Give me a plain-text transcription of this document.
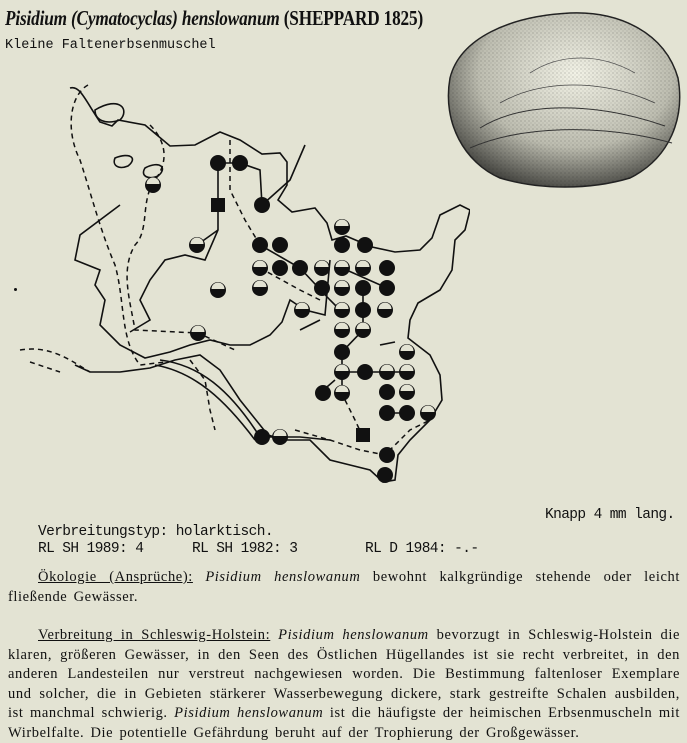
Pisidium (Cymatocyclas) henslowanum (SHEPPARD 1825)
Kleine Faltenerbsenmuschel
Knapp 4 mm lang.
Verbreitungstyp: holarktisch.
RL SH 1989: 4	RL SH 1982: 3	RL D 1984: -.-
Ökologie (Ansprüche): Pisidium henslowanum bewohnt kalkgründige stehende oder leicht fließende Gewässer.
Verbreitung in Schleswig-Holstein: Pisidium henslowanum bevorzugt in Schleswig-Holstein die klaren, größeren Gewässer, in den Seen des Östlichen Hügellandes ist sie recht verbreitet, in den anderen Landesteilen nur verstreut nachgewiesen worden. Die Bestimmung faltenloser Exemplare und solcher, die in Gebieten stärkerer Wasserbewegung dickere, stark gestreifte Schalen ausbilden, ist manchmal schwierig. Pisidium henslowanum ist die häufigste der heimischen Erbsenmuscheln mit Wirbelfalte. Die potentielle Gefährdung beruht auf der Trophierung der Großgewässer.
